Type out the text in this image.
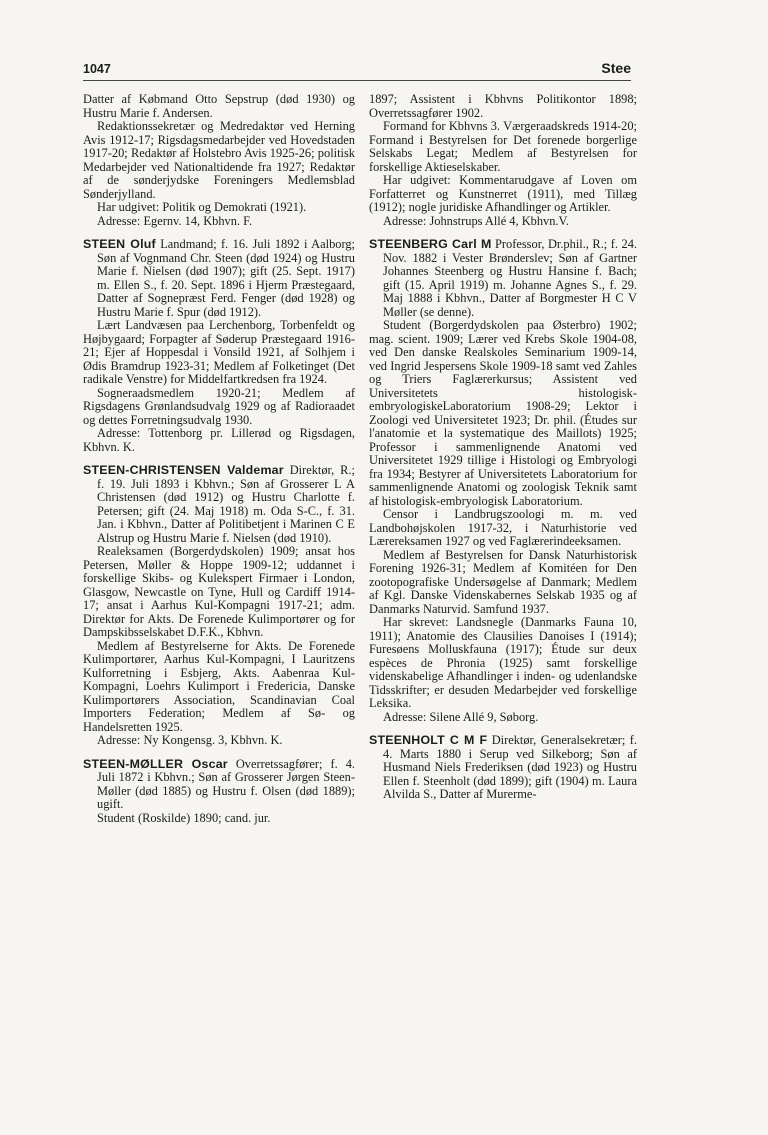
1047	Stee

Datter af Købmand Otto Sepstrup (død 1930) og Hustru Marie f. Andersen.

Redaktionssekretær og Medredaktør ved Herning Avis 1912-17; Rigsdagsmedarbejder ved Hovedstaden 1917-20; Redaktør af Holstebro Avis 1925-26; politisk Medarbejder ved Nationaltidende fra 1927; Redaktør af de sønderjydske Foreningers Medlemsblad Sønderjylland.

Har udgivet: Politik og Demokrati (1921).

Adresse: Egernv. 14, Kbhvn. F.

STEEN Oluf Landmand; f. 16. Juli 1892 i Aalborg; Søn af Vognmand Chr. Steen (død 1924) og Hustru Marie f. Nielsen (død 1907); gift (25. Sept. 1917) m. Ellen S., f. 20. Sept. 1896 i Hjerm Præstegaard, Datter af Sognepræst Ferd. Fenger (død 1928) og Hustru Marie f. Spur (død 1912).

Lært Landvæsen paa Lerchenborg, Torbenfeldt og Højbygaard; Forpagter af Søderup Præstegaard 1916-21; Ejer af Hoppesdal i Vonsild 1921, af Solhjem i Ødis Bramdrup 1923-31; Medlem af Folketinget (Det radikale Venstre) for Middelfartkredsen fra 1924.

Sogneraadsmedlem 1920-21; Medlem af Rigsdagens Grønlandsudvalg 1929 og af Radioraadet og dettes Forretningsudvalg 1930.

Adresse: Tottenborg pr. Lillerød og Rigsdagen, Kbhvn. K.

STEEN-CHRISTENSEN Valdemar Direktør, R.; f. 19. Juli 1893 i Kbhvn.; Søn af Grosserer L A Christensen (død 1912) og Hustru Charlotte f. Petersen; gift (24. Maj 1918) m. Oda S-C., f. 31. Jan. i Kbhvn., Datter af Politibetjent i Marinen C E Alstrup og Hustru Marie f. Nielsen (død 1910).

Realeksamen (Borgerdydskolen) 1909; ansat hos Petersen, Møller & Hoppe 1909-12; uddannet i forskellige Skibs- og Kulekspert Firmaer i London, Glasgow, Newcastle on Tyne, Hull og Cardiff 1914-17; ansat i Aarhus Kul-Kompagni 1917-21; adm. Direktør for Akts. De Forenede Kulimportører og for Dampskibsselskabet D.F.K., Kbhvn.

Medlem af Bestyrelserne for Akts. De Forenede Kulimportører, Aarhus Kul-Kompagni, I Lauritzens Kulforretning i Esbjerg, Akts. Aabenraa Kul-Kompagni, Loehrs Kulimport i Fredericia, Danske Kulimportørers Association, Scandinavian Coal Importers Federation; Medlem af Sø- og Handelsretten 1925.

Adresse: Ny Kongensg. 3, Kbhvn. K.

STEEN-MØLLER Oscar Overretssagfører; f. 4. Juli 1872 i Kbhvn.; Søn af Grosserer Jørgen Steen-Møller (død 1885) og Hustru f. Olsen (død 1889); ugift.

Student (Roskilde) 1890; cand. jur.

1897; Assistent i Kbhvns Politikontor 1898; Overretssagfører 1902.

Formand for Kbhvns 3. Værgeraadskreds 1914-20; Formand i Bestyrelsen for Det forenede borgerlige Selskabs Legat; Medlem af Bestyrelsen for forskellige Aktieselskaber.

Har udgivet: Kommentarudgave af Loven om Forfatterret og Kunstnerret (1911), med Tillæg (1912); nogle juridiske Afhandlinger og Artikler.

Adresse: Johnstrups Allé 4, Kbhvn.V.

STEENBERG Carl M Professor, Dr.phil., R.; f. 24. Nov. 1882 i Vester Brønderslev; Søn af Gartner Johannes Steenberg og Hustru Hansine f. Bach; gift (15. April 1919) m. Johanne Agnes S., f. 29. Maj 1888 i Kbhvn., Datter af Borgmester H C V Møller (se denne).

Student (Borgerdydskolen paa Østerbro) 1902; mag. scient. 1909; Lærer ved Krebs Skole 1904-08, ved Den danske Realskoles Seminarium 1909-14, ved Ingrid Jespersens Skole 1909-18 samt ved Zahles og Triers Faglærerkursus; Assistent ved Universitetets histologisk-embryologiskeLaboratorium 1908-29; Lektor i Zoologi ved Universitetet 1923; Dr. phil. (Études sur l'anatomie et la systematique des Maillots) 1925; Professor i sammenlignende Anatomi ved Universitetet 1929 tillige i Histologi og Embryologi fra 1934; Bestyrer af Universitetets Laboratorium for sammenlignende Anatomi og zoologisk Teknik samt af histologisk-embryologisk Laboratorium.

Censor i Landbrugszoologi m. m. ved Landbohøjskolen 1917-32, i Naturhistorie ved Lærereksamen 1927 og ved Faglærerindeeksamen.

Medlem af Bestyrelsen for Dansk Naturhistorisk Forening 1926-31; Medlem af Komitéen for Den zootopografiske Undersøgelse af Danmark; Medlem af Kgl. Danske Videnskabernes Selskab 1935 og af Danmarks Naturvid. Samfund 1937.

Har skrevet: Landsnegle (Danmarks Fauna 10, 1911); Anatomie des Clausilies Danoises I (1914); Furesøens Molluskfauna (1917); Étude sur deux espèces de Phronia (1925) samt forskellige videnskabelige Afhandlinger i inden- og udenlandske Tidsskrifter; er desuden Medarbejder ved forskellige Leksika.

Adresse: Silene Allé 9, Søborg.

STEENHOLT C M F Direktør, Generalsekretær; f. 4. Marts 1880 i Serup ved Silkeborg; Søn af Husmand Niels Frederiksen (død 1923) og Hustru Ellen f. Steenholt (død 1899); gift (1904) m. Laura Alvilda S., Datter af Murerme-
